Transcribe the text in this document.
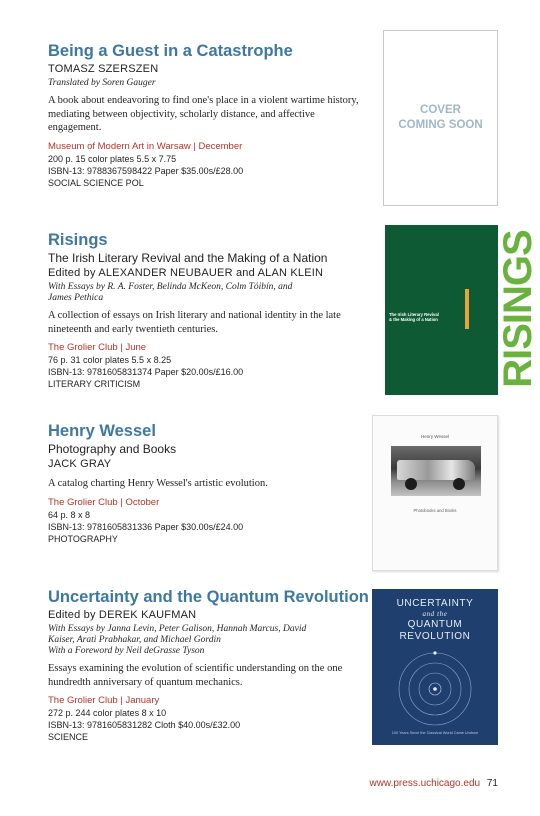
Being a Guest in a Catastrophe
TOMASZ SZERSZEN
Translated by Soren Gauger
A book about endeavoring to find one's place in a violent wartime history, mediating between objectivity, scholarly distance, and affective engagement.
Museum of Modern Art in Warsaw | December
200 p. 15 color plates 5.5 x 7.75
ISBN-13: 9788367598422 Paper $35.00s/£28.00
SOCIAL SCIENCE POL
COVER
COMING SOON
Risings
The Irish Literary Revival and the Making of a Nation
Edited by ALEXANDER NEUBAUER and ALAN KLEIN
With Essays by R. A. Foster, Belinda McKeon, Colm Tóibín, and James Pethica
A collection of essays on Irish literary and national identity in the late nineteenth and early twentieth centuries.
The Grolier Club | June
76 p. 31 color plates 5.5 x 8.25
ISBN-13: 9781605831374 Paper $20.00s/£16.00
LITERARY CRITICISM
The Irish Literary Revival
& the Making of a Nation	RISINGS
Henry Wessel
Photography and Books
JACK GRAY
A catalog charting Henry Wessel's artistic evolution.
The Grolier Club | October
64 p. 8 x 8
ISBN-13: 9781605831336 Paper $30.00s/£24.00
PHOTOGRAPHY
Henry Wessel
Photobooks and Books
Uncertainty and the Quantum Revolution
Edited by DEREK KAUFMAN
With Essays by Janna Levin, Peter Galison, Hannah Marcus, David Kaiser, Arati Prabhakar, and Michael Gordin
With a Foreword by Neil deGrasse Tyson
Essays examining the evolution of scientific understanding on the one hundredth anniversary of quantum mechanics.
The Grolier Club | January
272 p. 244 color plates 8 x 10
ISBN-13: 9781605831282 Cloth $40.00s/£32.00
SCIENCE
UNCERTAINTY
and the
QUANTUM
REVOLUTION
100 Years Since the Classical World Came Undone
www.press.uchicago.edu 71
